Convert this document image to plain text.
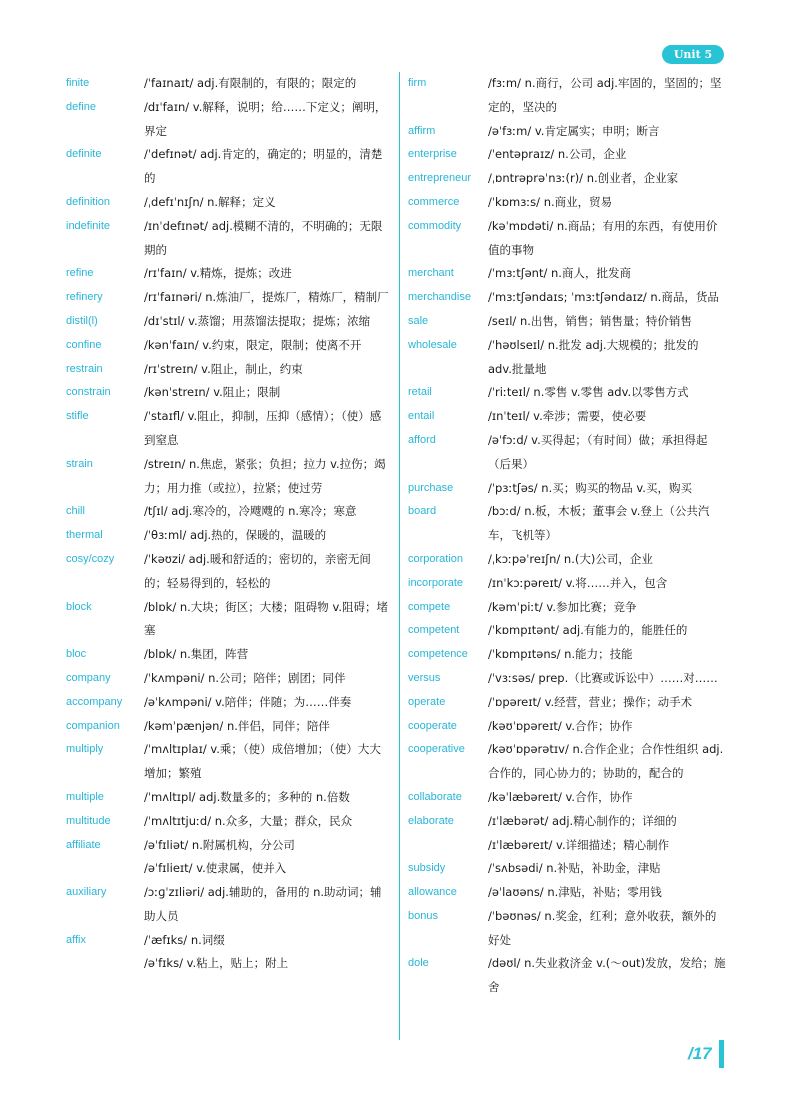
Unit 5
finite	/ˈfaɪnaɪt/ adj.有限制的，有限的；限定的
define	/dɪˈfaɪn/ v.解释，说明；给……下定义；阐明，界定
definite	/ˈdefɪnət/ adj.肯定的，确定的；明显的，清楚的
definition	/ˌdefɪˈnɪʃn/ n.解释；定义
indefinite	/ɪnˈdefɪnət/ adj.模糊不清的，不明确的；无限期的
refine	/rɪˈfaɪn/ v.精炼，提炼；改进
refinery	/rɪˈfaɪnəri/ n.炼油厂，提炼厂，精炼厂，精制厂
distil(l)	/dɪˈstɪl/ v.蒸馏；用蒸馏法提取；提炼；浓缩
confine	/kənˈfaɪn/ v.约束，限定，限制；使离不开
restrain	/rɪˈstreɪn/ v.阻止，制止，约束
constrain	/kənˈstreɪn/ v.阻止；限制
stifle	/ˈstaɪfl/ v.阻止，抑制，压抑（感情）；（使）感到窒息
strain	/streɪn/ n.焦虑，紧张；负担；拉力 v.拉伤；竭力；用力推（或拉），拉紧；使过劳
chill	/tʃɪl/ adj.寒冷的，冷飕飕的 n.寒冷；寒意
thermal	/ˈθɜːml/ adj.热的，保暖的，温暖的
cosy/cozy	/ˈkəʊzi/ adj.暖和舒适的；密切的，亲密无间的；轻易得到的，轻松的
block	/blɒk/ n.大块；街区；大楼；阻碍物 v.阻碍；堵塞
bloc	/blɒk/ n.集团，阵营
company	/ˈkʌmpəni/ n.公司；陪伴；剧团；同伴
accompany	/əˈkʌmpəni/ v.陪伴；伴随；为……伴奏
companion	/kəmˈpænjən/ n.伴侣，同伴；陪伴
multiply	/ˈmʌltɪplaɪ/ v.乘；（使）成倍增加；（使）大大增加；繁殖
multiple	/ˈmʌltɪpl/ adj.数量多的；多种的 n.倍数
multitude	/ˈmʌltɪtjuːd/ n.众多，大量；群众，民众
affiliate	/əˈfɪliət/ n.附属机构，分公司
/əˈfɪlieɪt/ v.使隶属，使并入
auxiliary	/ɔːɡˈzɪliəri/ adj.辅助的，备用的 n.助动词；辅助人员
affix	/ˈæfɪks/ n.词缀
/əˈfɪks/ v.粘上，贴上；附上
firm	/fɜːm/ n.商行，公司 adj.牢固的，坚固的；坚定的，坚决的
affirm	/əˈfɜːm/ v.肯定属实；申明；断言
enterprise	/ˈentəpraɪz/ n.公司，企业
entrepreneur	/ˌɒntrəprəˈnɜː(r)/ n.创业者，企业家
commerce	/ˈkɒmɜːs/ n.商业，贸易
commodity	/kəˈmɒdəti/ n.商品；有用的东西，有使用价值的事物
merchant	/ˈmɜːtʃənt/ n.商人，批发商
merchandise	/ˈmɜːtʃəndaɪs; ˈmɜːtʃəndaɪz/ n.商品，货品
sale	/seɪl/ n.出售，销售；销售量；特价销售
wholesale	/ˈhəʊlseɪl/ n.批发 adj.大规模的；批发的 adv.批量地
retail	/ˈriːteɪl/ n.零售 v.零售 adv.以零售方式
entail	/ɪnˈteɪl/ v.牵涉；需要，使必要
afford	/əˈfɔːd/ v.买得起；（有时间）做；承担得起（后果）
purchase	/ˈpɜːtʃəs/ n.买；购买的物品 v.买，购买
board	/bɔːd/ n.板，木板；董事会 v.登上（公共汽车，飞机等）
corporation	/ˌkɔːpəˈreɪʃn/ n.(大)公司，企业
incorporate	/ɪnˈkɔːpəreɪt/ v.将……并入，包含
compete	/kəmˈpiːt/ v.参加比赛；竞争
competent	/ˈkɒmpɪtənt/ adj.有能力的，能胜任的
competence	/ˈkɒmpɪtəns/ n.能力；技能
versus	/ˈvɜːsəs/ prep.（比赛或诉讼中）……对……
operate	/ˈɒpəreɪt/ v.经营，营业；操作；动手术
cooperate	/kəʊˈɒpəreɪt/ v.合作；协作
cooperative	/kəʊˈɒpərətɪv/ n.合作企业；合作性组织 adj.合作的，同心协力的；协助的，配合的
collaborate	/kəˈlæbəreɪt/ v.合作，协作
elaborate	/ɪˈlæbərət/ adj.精心制作的；详细的
/ɪˈlæbəreɪt/ v.详细描述；精心制作
subsidy	/ˈsʌbsədi/ n.补贴，补助金，津贴
allowance	/əˈlaʊəns/ n.津贴，补贴；零用钱
bonus	/ˈbəʊnəs/ n.奖金，红利；意外收获，额外的好处
dole	/dəʊl/ n.失业救济金 v.(～out)发放，发给；施舍
/17
